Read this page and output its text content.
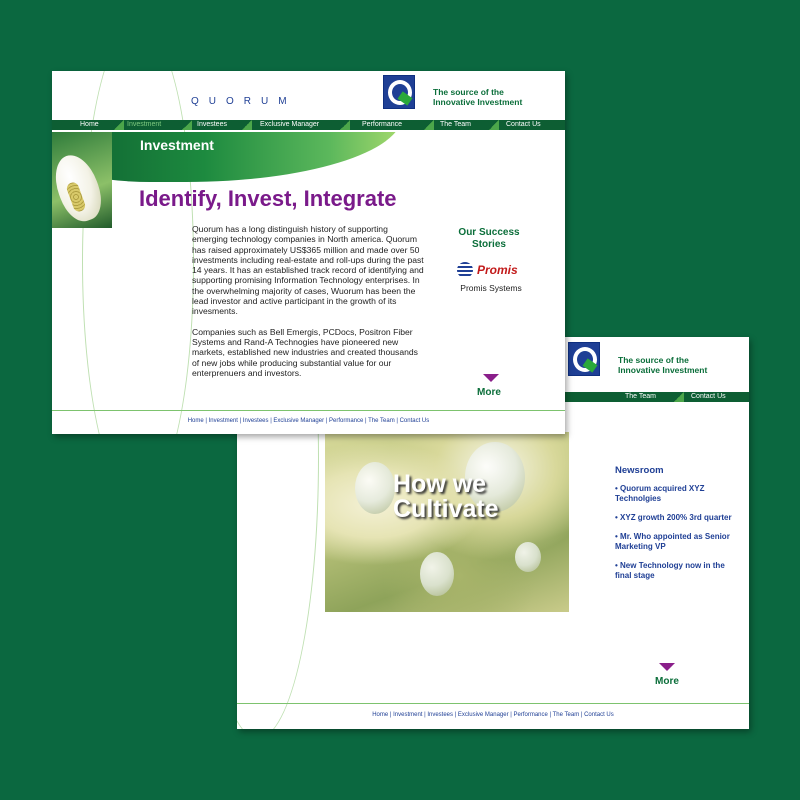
The source of the
Innovative Investment
The Team	Contact Us
How we
Cultivate
Newsroom
• Quorum acquired XYZ Technolgies
• XYZ growth 200% 3rd quarter
• Mr. Who appointed as Senior Marketing VP
• New Technology now in the final stage
More
Home | Investment | Investees | Exclusive Manager | Performance | The Team | Contact Us
QUORUM
The source of the
Innovative Investment
Home	Investment	Investees	Exclusive Manager	Performance	The Team	Contact Us
Investment
Identify, Invest, Integrate

Quorum has a long distinguish history of supporting emerging technology companies in North america. Quorum has raised approximately US$365 million and made over 50 investments including real-estate and roll-ups during the past 14 years. It has an established track record of identifying and supporting promising Information Technology enterprises. In the overwhelming majority of cases, Wuorum has been the lead investor and active participant in the growth of its invesments.

Companies such as Bell Emergis, PCDocs, Positron Fiber Systems and Rand-A Technogies have pioneered new markets, established new industries and created thousands of new jobs while producing substantial value for our enterprenuers and investors.

Our Success Stories
Promis
Promis Systems
More
Home | Investment | Investees | Exclusive Manager | Performance | The Team | Contact Us
